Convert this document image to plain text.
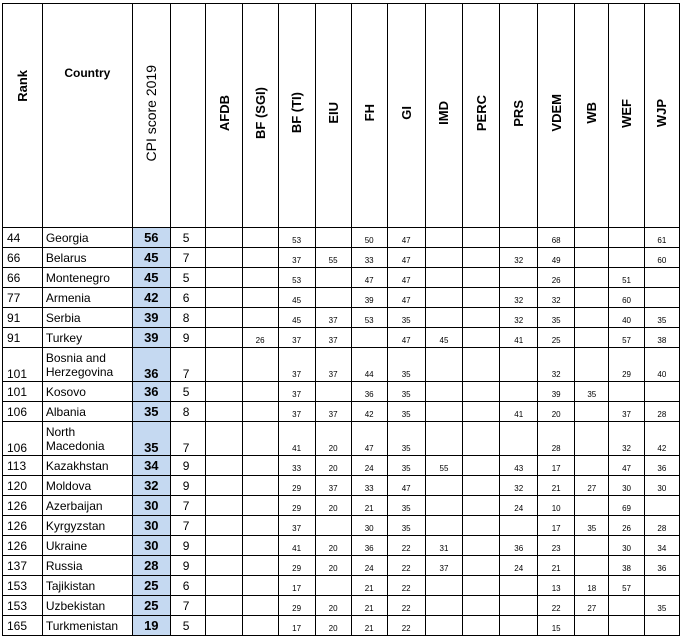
Rank	Country	CPI score 2019		AFDB	BF (SGI)	BF (TI)	EIU	FH	GI	IMD	PERC	PRS	VDEM	WB	WEF	WJP
44	Georgia	56	5			53		50	47				68			61
66	Belarus	45	7			37	55	33	47			32	49			60
66	Montenegro	45	5			53		47	47				26		51	
77	Armenia	42	6			45		39	47			32	32		60	
91	Serbia	39	8			45	37	53	35			32	35		40	35
91	Turkey	39	9		26	37	37		47	45		41	25		57	38
101	Bosnia and Herzegovina	36	7			37	37	44	35				32		29	40
101	Kosovo	36	5			37		36	35				39	35		
106	Albania	35	8			37	37	42	35			41	20		37	28
106	North Macedonia	35	7			41	20	47	35				28		32	42
113	Kazakhstan	34	9			33	20	24	35	55		43	17		47	36
120	Moldova	32	9			29	37	33	47			32	21	27	30	30
126	Azerbaijan	30	7			29	20	21	35			24	10		69	
126	Kyrgyzstan	30	7			37		30	35				17	35	26	28
126	Ukraine	30	9			41	20	36	22	31		36	23		30	34
137	Russia	28	9			29	20	24	22	37		24	21		38	36
153	Tajikistan	25	6			17		21	22				13	18	57	
153	Uzbekistan	25	7			29	20	21	22				22	27		35
165	Turkmenistan	19	5			17	20	21	22				15			
